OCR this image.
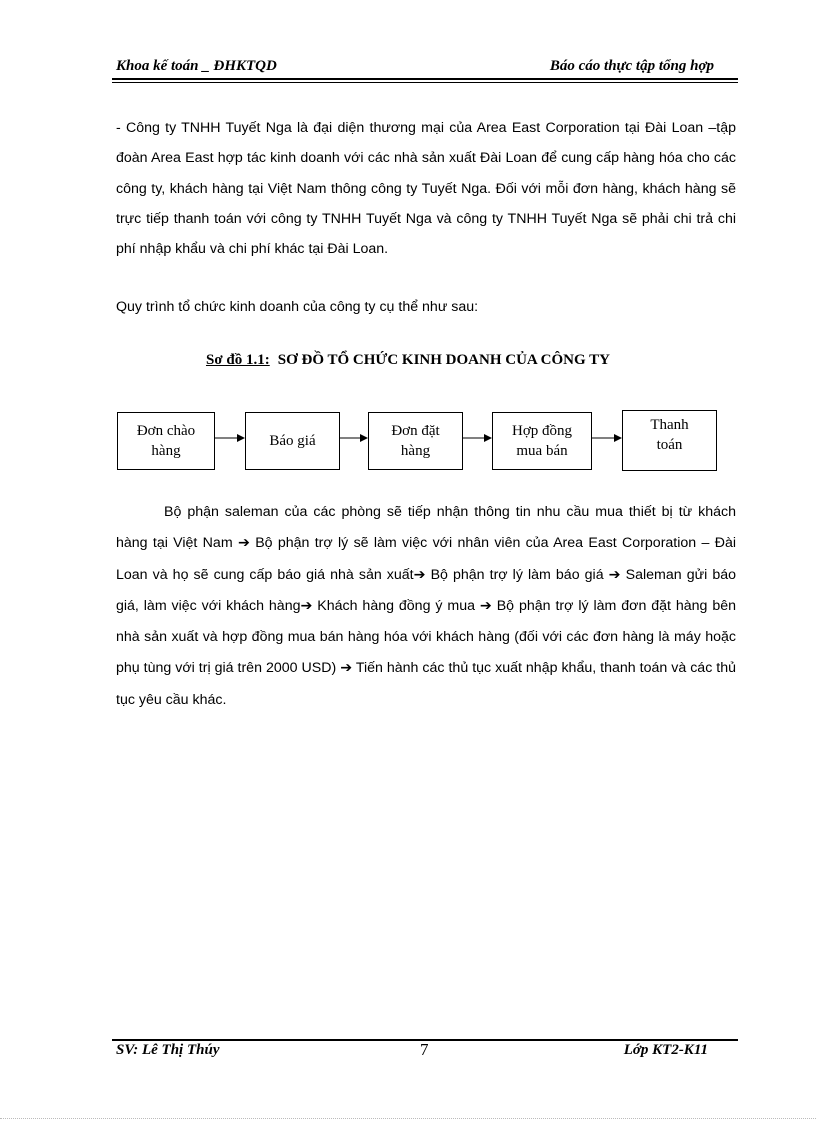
Khoa kế toán _ ĐHKTQD	Báo cáo thực tập tổng hợp
- Công ty TNHH Tuyết Nga là đại diện thương mại của Area East Corporation tại Đài Loan –tập đoàn Area East hợp tác kinh doanh với các nhà sản xuất Đài Loan để cung cấp hàng hóa cho các công ty, khách hàng tại Việt Nam thông công ty Tuyết Nga. Đối với mỗi đơn hàng, khách hàng sẽ trực tiếp thanh toán với công ty TNHH Tuyết Nga và công ty TNHH Tuyết Nga sẽ phải chi trả chi phí nhập khẩu và chi phí khác tại Đài Loan.
Quy trình tổ chức kinh doanh của công ty cụ thể như sau:
Sơ đồ 1.1: SƠ ĐỒ TỔ CHỨC KINH DOANH CỦA CÔNG TY
Đơn chào
hàng
Báo giá
Đơn đặt
hàng
Hợp đồng
mua bán
Thanh
toán
Bộ phận saleman của các phòng sẽ tiếp nhận thông tin nhu cầu mua thiết bị từ khách hàng tại Việt Nam ➔ Bộ phận trợ lý sẽ làm việc với nhân viên của Area East Corporation – Đài Loan và họ sẽ cung cấp báo giá nhà sản xuất➔ Bộ phận trợ lý làm báo giá ➔ Saleman gửi báo giá, làm việc với khách hàng➔ Khách hàng đồng ý mua ➔ Bộ phận trợ lý làm đơn đặt hàng bên nhà sản xuất và hợp đồng mua bán hàng hóa với khách hàng (đối với các đơn hàng là máy hoặc phụ tùng với trị giá trên 2000 USD) ➔ Tiến hành các thủ tục xuất nhập khẩu, thanh toán và các thủ tục yêu cầu khác.
SV: Lê Thị Thúy	7	Lớp KT2-K11
